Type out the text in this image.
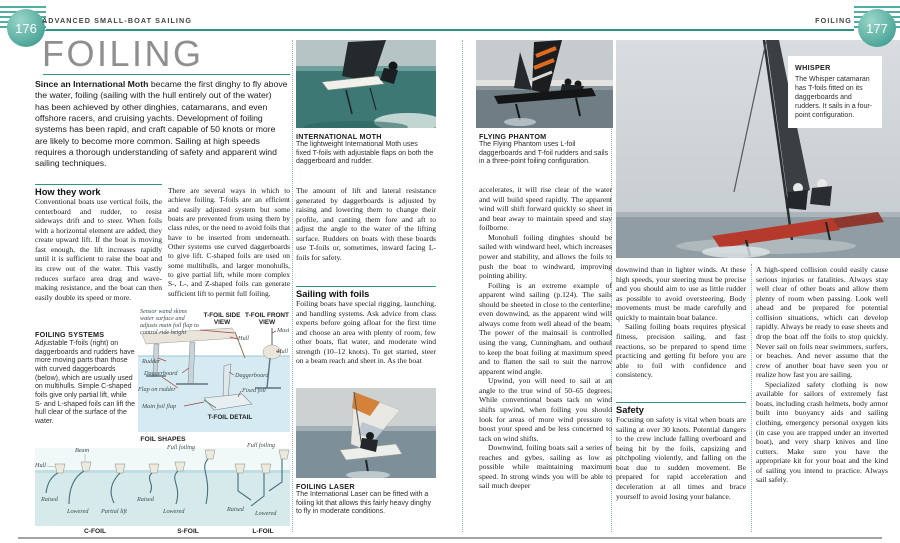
176	177
ADVANCED SMALL-BOAT SAILING	FOILING
FOILING
Since an International Moth became the first dinghy to fly above the water, foiling (sailing with the hull entirely out of the water) has been achieved by other dinghies, catamarans, and even offshore racers, and cruising yachts. Development of foiling systems has been rapid, and craft capable of 50 knots or more are likely to become more common. Sailing at high speeds requires a thorough understanding of safety and apparent wind sailing techniques.
How they work

Conventional boats use vertical foils, the centerboard and rudder, to resist sideways drift and to steer. When foils with a horizontal element are added, they create upward lift. If the boat is moving fast enough, the lift increases rapidly until it is sufficient to raise the boat and its crew out of the water. This vastly reduces surface area drag and wave-making resistance, and the boat can then easily double its speed or more.

FOILING SYSTEMS

Adjustable T-foils (right) on daggerboards and rudders have more moving parts than those with curved daggerboards (below), which are usually used on multihulls. Simple C-shaped foils give only partial lift, while S- and L-shaped foils can lift the hull clear of the surface of the water.

There are several ways in which to achieve foiling. T-foils are an efficient and easily adjusted system but some boats are prevented from using them by class rules, or the need to avoid foils that have to be inserted from underneath. Other systems use curved daggerboards to give lift. C-shaped foils are used on some multihulls, and larger monohulls, to give partial lift, while more complex S-, L-, and Z-shaped foils can generate sufficient lift to permit full foiling.

Sensor wand skims water surface and adjusts main foil flap to control ride height
T-FOIL SIDE VIEW
T-FOIL FRONT VIEW
Hull
Mast
Hull
Rudder
Daggerboard
Flap on rudder
Main foil flap
Daggerboard
Fixed foil
T-FOIL DETAIL
FOIL SHAPES
Hull
Beam
Raised
Lowered	Partial lift
Full foiling
Raised
Lowered
Full foiling
Raised
Lowered
C-FOIL	S-FOIL	L-FOIL
INTERNATIONAL MOTH

The lightweight International Moth uses fixed T-foils with adjustable flaps on both the daggerboard and rudder.

The amount of lift and lateral resistance generated by daggerboards is adjusted by raising and lowering them to change their profile, and canting them fore and aft to adjust the angle to the water of the lifting surface. Rudders on boats with these boards use T-foils or, sometimes, inward facing L-foils for safety.

Sailing with foils

Foiling boats have special rigging, launching, and handling systems. Ask advice from class experts before going afloat for the first time and choose an area with plenty of room, few other boats, flat water, and moderate wind strength (10–12 knots). To get started, steer on a beam reach and sheet in. As the boat

FOILING LASER

The International Laser can be fitted with a foiling kit that allows this fairly heavy dinghy to fly in moderate conditions.

FLYING PHANTOM

The Flying Phantom uses L-foil daggerboards and T-foil rudders and sails in a three-point foiling configuration.

accelerates, it will rise clear of the water and will build speed rapidly. The apparent wind will shift forward quickly so sheet in and bear away to maintain speed and stay foilborne.

Monohull foiling dinghies should be sailed with windward heel, which increases power and stability, and allows the foils to push the boat to windward, improving pointing ability.

Foiling is an extreme example of apparent wind sailing (p.124). The sails should be sheeted in close to the centerline, even downwind, as the apparent wind will always come from well ahead of the beam. The power of the mainsail is controlled using the vang, Cunningham, and outhaul to keep the boat foiling at maximum speed and to flatten the sail to suit the narrow apparent wind angle.

Upwind, you will need to sail at an angle to the true wind of 50–65 degrees. While conventional boats tack on wind shifts upwind, when foiling you should look for areas of more wind pressure to boost your speed and be less concerned to tack on wind shifts.

Downwind, foiling boats sail a series of reaches and gybes, sailing as low as possible while maintaining maximum speed. In strong winds you will be able to sail much deeper

WHISPER
The Whisper catamaran has T-foils fitted on its daggerboards and rudders. It sails in a four-point configuration.

downwind than in lighter winds. At these high speeds, your steering must be precise and you should aim to use as little rudder as possible to avoid oversteering. Body movements must be made carefully and quickly to maintain boat balance.

Sailing foiling boats requires physical fitness, precision sailing, and fast reactions, so be prepared to spend time practicing and getting fit before you are able to foil with confidence and consistency.

Safety

Focusing on safety is vital when boats are sailing at over 30 knots. Potential dangers to the crew include falling overboard and being hit by the foils, capsizing and pitchpoling violently, and falling on the boat due to sudden movement. Be prepared for rapid acceleration and deceleration at all times and brace yourself to avoid losing your balance.

A high-speed collision could easily cause serious injuries or fatalities. Always stay well clear of other boats and allow them plenty of room when passing. Look well ahead and be prepared for potential collision situations, which can develop rapidly. Always be ready to ease sheets and drop the boat off the foils to stop quickly. Never sail on foils near swimmers, surfers, or beaches. And never assume that the crew of another boat have seen you or realize how fast you are sailing.

Specialized safety clothing is now available for sailors of extremely fast boats, including crash helmets, body armor built into buoyancy aids and sailing clothing, emergency personal oxygen kits (in case you are trapped under an inverted boat), and very sharp knives and line cutters. Make sure you have the appropriate kit for your boat and the kind of sailing you intend to practice. Always sail safely.
